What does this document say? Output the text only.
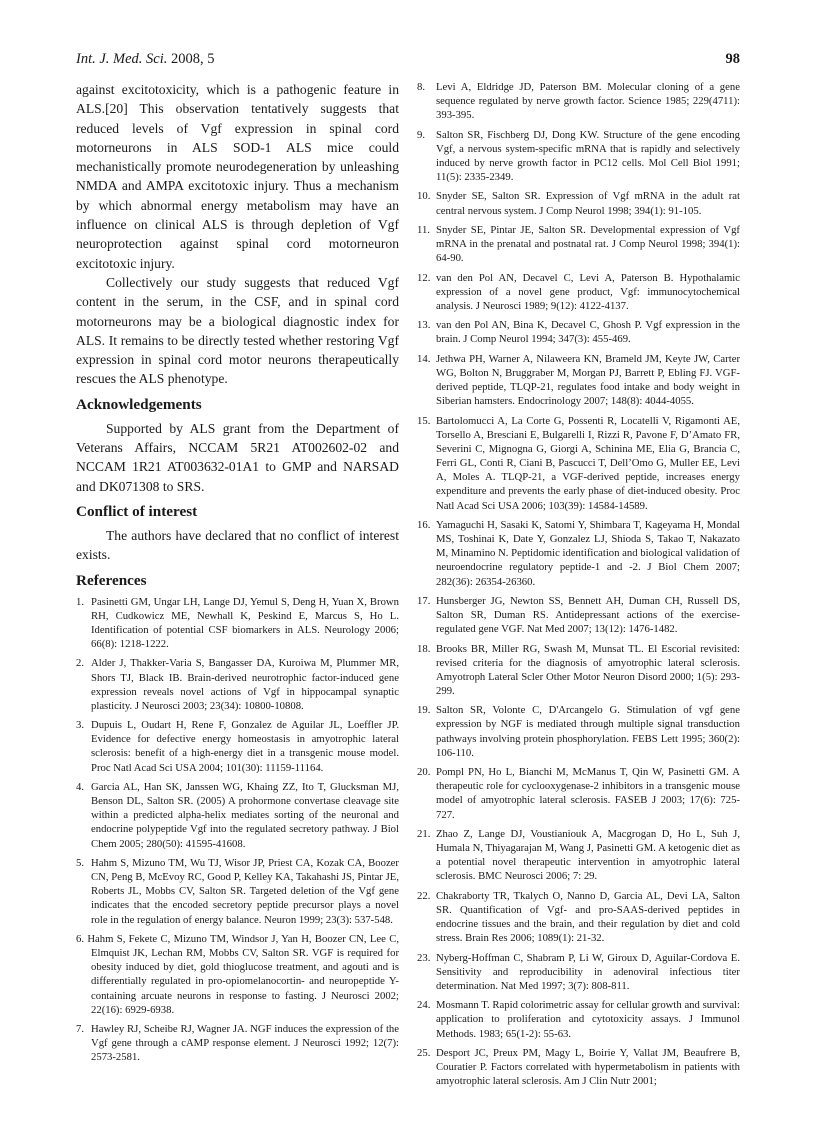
Int. J. Med. Sci. 2008, 5	98

against excitotoxicity, which is a pathogenic feature in ALS.[20] This observation tentatively suggests that reduced levels of Vgf expression in spinal cord motorneurons in ALS SOD-1 ALS mice could mechanistically promote neurodegeneration by unleashing NMDA and AMPA excitotoxic injury. Thus a mechanism by which abnormal energy metabolism may have an influence on clinical ALS is through depletion of Vgf neuroprotection against spinal cord motorneuron excitotoxic injury.

Collectively our study suggests that reduced Vgf content in the serum, in the CSF, and in spinal cord motorneurons may be a biological diagnostic index for ALS. It remains to be directly tested whether restoring Vgf expression in spinal cord motor neurons therapeutically rescues the ALS phenotype.

Acknowledgements

Supported by ALS grant from the Department of Veterans Affairs, NCCAM 5R21 AT002602-02 and NCCAM 1R21 AT003632-01A1 to GMP and NARSAD and DK071308 to SRS.

Conflict of interest

The authors have declared that no conflict of interest exists.

References
1. Pasinetti GM, Ungar LH, Lange DJ, Yemul S, Deng H, Yuan X, Brown RH, Cudkowicz ME, Newhall K, Peskind E, Marcus S, Ho L. Identification of potential CSF biomarkers in ALS. Neurology 2006; 66(8): 1218-1222.
2. Alder J, Thakker-Varia S, Bangasser DA, Kuroiwa M, Plummer MR, Shors TJ, Black IB. Brain-derived neurotrophic factor-induced gene expression reveals novel actions of Vgf in hippocampal synaptic plasticity. J Neurosci 2003; 23(34): 10800-10808.
3. Dupuis L, Oudart H, Rene F, Gonzalez de Aguilar JL, Loeffler JP. Evidence for defective energy homeostasis in amyotrophic lateral sclerosis: benefit of a high-energy diet in a transgenic mouse model. Proc Natl Acad Sci USA 2004; 101(30): 11159-11164.
4. Garcia AL, Han SK, Janssen WG, Khaing ZZ, Ito T, Glucksman MJ, Benson DL, Salton SR. (2005) A prohormone convertase cleavage site within a predicted alpha-helix mediates sorting of the neuronal and endocrine polypeptide Vgf into the regulated secretory pathway. J Biol Chem 2005; 280(50): 41595-41608.
5. Hahm S, Mizuno TM, Wu TJ, Wisor JP, Priest CA, Kozak CA, Boozer CN, Peng B, McEvoy RC, Good P, Kelley KA, Takahashi JS, Pintar JE, Roberts JL, Mobbs CV, Salton SR. Targeted deletion of the Vgf gene indicates that the encoded secretory peptide precursor plays a novel role in the regulation of energy balance. Neuron 1999; 23(3): 537-548.
6. Hahm S, Fekete C, Mizuno TM, Windsor J, Yan H, Boozer CN, Lee C, Elmquist JK, Lechan RM, Mobbs CV, Salton SR. VGF is required for obesity induced by diet, gold thioglucose treatment, and agouti and is differentially regulated in pro-opiomelanocortin- and neuropeptide Y-containing arcuate neurons in response to fasting. J Neurosci 2002; 22(16): 6929-6938.
7. Hawley RJ, Scheibe RJ, Wagner JA. NGF induces the expression of the Vgf gene through a cAMP response element. J Neurosci 1992; 12(7): 2573-2581.
8. Levi A, Eldridge JD, Paterson BM. Molecular cloning of a gene sequence regulated by nerve growth factor. Science 1985; 229(4711): 393-395.
9. Salton SR, Fischberg DJ, Dong KW. Structure of the gene encoding Vgf, a nervous system-specific mRNA that is rapidly and selectively induced by nerve growth factor in PC12 cells. Mol Cell Biol 1991; 11(5): 2335-2349.
10. Snyder SE, Salton SR. Expression of Vgf mRNA in the adult rat central nervous system. J Comp Neurol 1998; 394(1): 91-105.
11. Snyder SE, Pintar JE, Salton SR. Developmental expression of Vgf mRNA in the prenatal and postnatal rat. J Comp Neurol 1998; 394(1): 64-90.
12. van den Pol AN, Decavel C, Levi A, Paterson B. Hypothalamic expression of a novel gene product, Vgf: immunocytochemical analysis. J Neurosci 1989; 9(12): 4122-4137.
13. van den Pol AN, Bina K, Decavel C, Ghosh P. Vgf expression in the brain. J Comp Neurol 1994; 347(3): 455-469.
14. Jethwa PH, Warner A, Nilaweera KN, Brameld JM, Keyte JW, Carter WG, Bolton N, Bruggraber M, Morgan PJ, Barrett P, Ebling FJ. VGF-derived peptide, TLQP-21, regulates food intake and body weight in Siberian hamsters. Endocrinology 2007; 148(8): 4044-4055.
15. Bartolomucci A, La Corte G, Possenti R, Locatelli V, Rigamonti AE, Torsello A, Bresciani E, Bulgarelli I, Rizzi R, Pavone F, D’Amato FR, Severini C, Mignogna G, Giorgi A, Schinina ME, Elia G, Brancia C, Ferri GL, Conti R, Ciani B, Pascucci T, Dell’Omo G, Muller EE, Levi A, Moles A. TLQP-21, a VGF-derived peptide, increases energy expenditure and prevents the early phase of diet-induced obesity. Proc Natl Acad Sci USA 2006; 103(39): 14584-14589.
16. Yamaguchi H, Sasaki K, Satomi Y, Shimbara T, Kageyama H, Mondal MS, Toshinai K, Date Y, Gonzalez LJ, Shioda S, Takao T, Nakazato M, Minamino N. Peptidomic identification and biological validation of neuroendocrine regulatory peptide-1 and -2. J Biol Chem 2007; 282(36): 26354-26360.
17. Hunsberger JG, Newton SS, Bennett AH, Duman CH, Russell DS, Salton SR, Duman RS. Antidepressant actions of the exercise-regulated gene VGF. Nat Med 2007; 13(12): 1476-1482.
18. Brooks BR, Miller RG, Swash M, Munsat TL. El Escorial revisited: revised criteria for the diagnosis of amyotrophic lateral sclerosis. Amyotroph Lateral Scler Other Motor Neuron Disord 2000; 1(5): 293-299.
19. Salton SR, Volonte C, D'Arcangelo G. Stimulation of vgf gene expression by NGF is mediated through multiple signal transduction pathways involving protein phosphorylation. FEBS Lett 1995; 360(2): 106-110.
20. Pompl PN, Ho L, Bianchi M, McManus T, Qin W, Pasinetti GM. A therapeutic role for cyclooxygenase-2 inhibitors in a transgenic mouse model of amyotrophic lateral sclerosis. FASEB J 2003; 17(6): 725-727.
21. Zhao Z, Lange DJ, Voustianiouk A, Macgrogan D, Ho L, Suh J, Humala N, Thiyagarajan M, Wang J, Pasinetti GM. A ketogenic diet as a potential novel therapeutic intervention in amyotrophic lateral sclerosis. BMC Neurosci 2006; 7: 29.
22. Chakraborty TR, Tkalych O, Nanno D, Garcia AL, Devi LA, Salton SR. Quantification of Vgf- and pro-SAAS-derived peptides in endocrine tissues and the brain, and their regulation by diet and cold stress. Brain Res 2006; 1089(1): 21-32.
23. Nyberg-Hoffman C, Shabram P, Li W, Giroux D, Aguilar-Cordova E. Sensitivity and reproducibility in adenoviral infectious titer determination. Nat Med 1997; 3(7): 808-811.
24. Mosmann T. Rapid colorimetric assay for cellular growth and survival: application to proliferation and cytotoxicity assays. J Immunol Methods. 1983; 65(1-2): 55-63.
25. Desport JC, Preux PM, Magy L, Boirie Y, Vallat JM, Beaufrere B, Couratier P. Factors correlated with hypermetabolism in patients with amyotrophic lateral sclerosis. Am J Clin Nutr 2001;
